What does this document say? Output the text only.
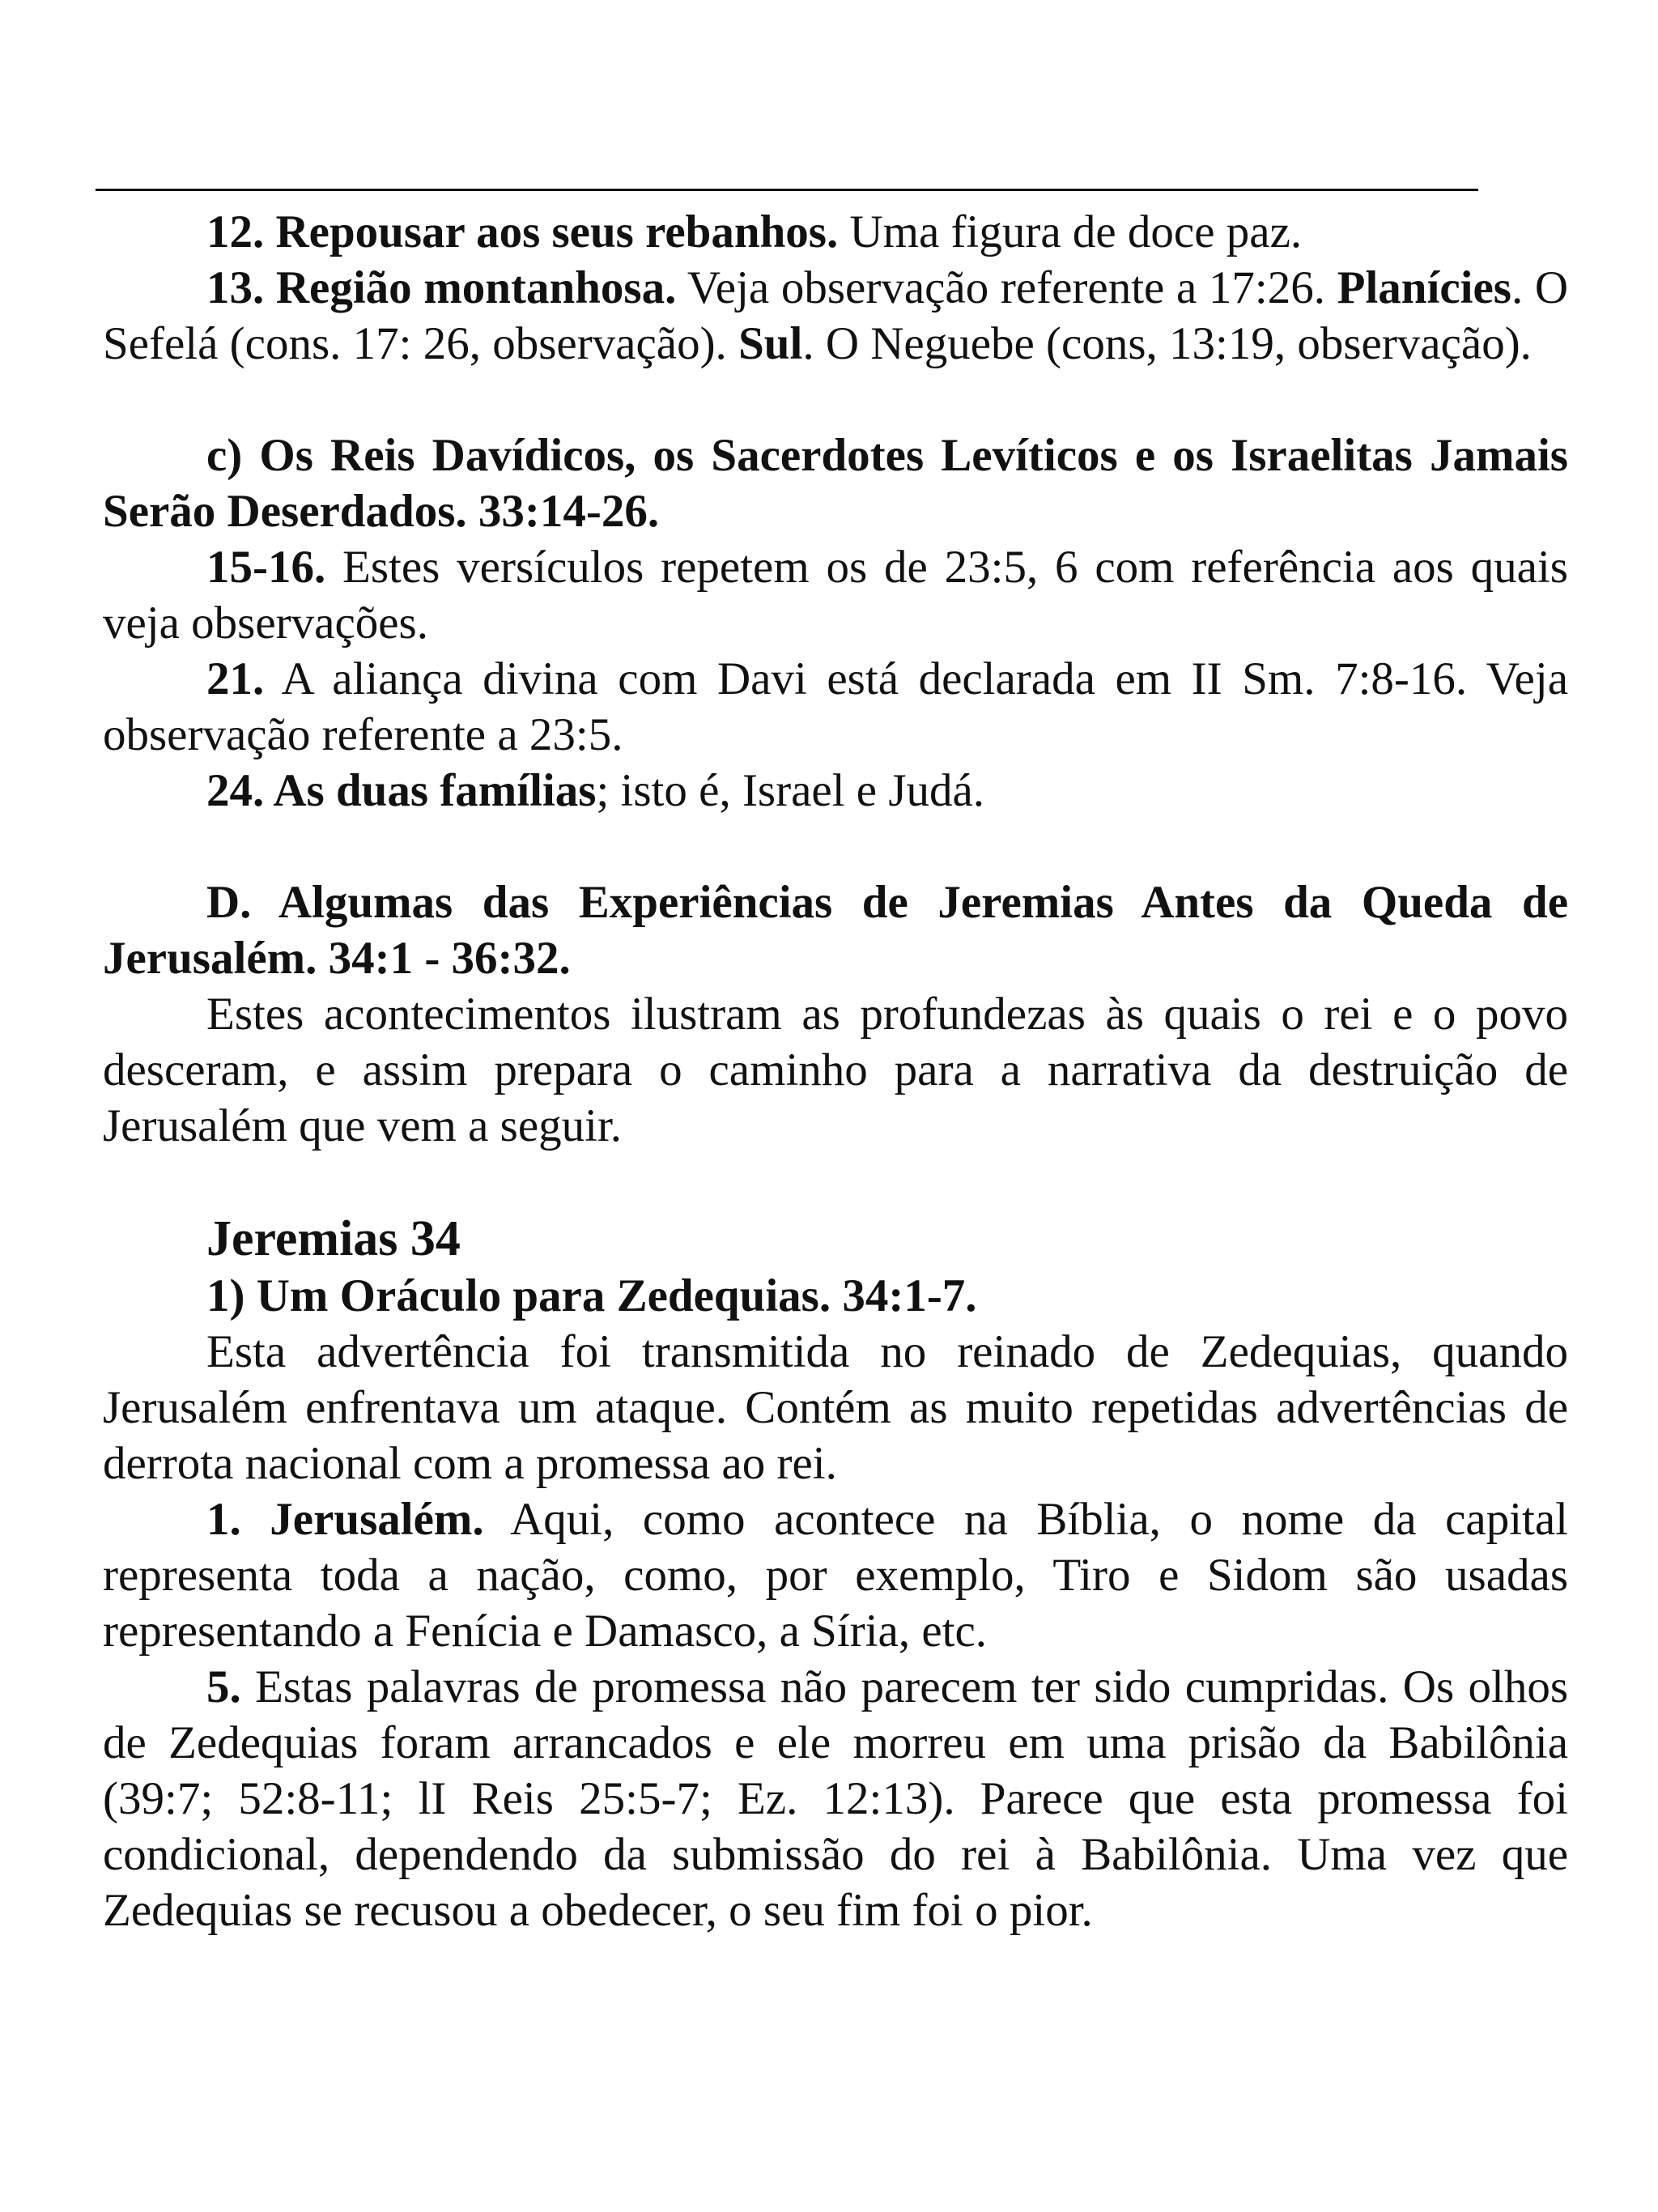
12. Repousar aos seus rebanhos. Uma figura de doce paz.

13. Região montanhosa. Veja observação referente a 17:26. Planícies. O Sefelá (cons. 17: 26, observação). Sul. O Neguebe (cons, 13:19, observação).

c) Os Reis Davídicos, os Sacerdotes Levíticos e os Israelitas Jamais Serão Deserdados. 33:14-26.

15-16. Estes versículos repetem os de 23:5, 6 com referência aos quais veja observações.

21. A aliança divina com Davi está declarada em II Sm. 7:8-16. Veja observação referente a 23:5.

24. As duas famílias; isto é, Israel e Judá.

D. Algumas das Experiências de Jeremias Antes da Queda de Jerusalém. 34:1 - 36:32.

Estes acontecimentos ilustram as profundezas às quais o rei e o povo desceram, e assim prepara o caminho para a narrativa da destruição de Jerusalém que vem a seguir.

Jeremias 34

1) Um Oráculo para Zedequias. 34:1-7.

Esta advertência foi transmitida no reinado de Zedequias, quando Jerusalém enfrentava um ataque. Contém as muito repetidas advertências de derrota nacional com a promessa ao rei.

1. Jerusalém. Aqui, como acontece na Bíblia, o nome da capital representa toda a nação, como, por exemplo, Tiro e Sidom são usadas representando a Fenícia e Damasco, a Síria, etc.

5. Estas palavras de promessa não parecem ter sido cumpridas. Os olhos de Zedequias foram arrancados e ele morreu em uma prisão da Babilônia (39:7; 52:8-11; lI Reis 25:5-7; Ez. 12:13). Parece que esta promessa foi condicional, dependendo da submissão do rei à Babilônia. Uma vez que Zedequias se recusou a obedecer, o seu fim foi o pior.
